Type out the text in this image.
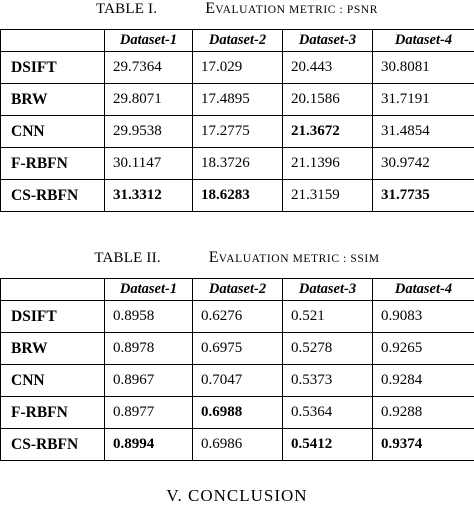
TABLE I.	EVALUATION METRIC : PSNR
	Dataset-1	Dataset-2	Dataset-3	Dataset-4
DSIFT	29.7364	17.029	20.443	30.8081
BRW	29.8071	17.4895	20.1586	31.7191
CNN	29.9538	17.2775	21.3672	31.4854
F-RBFN	30.1147	18.3726	21.1396	30.9742
CS-RBFN	31.3312	18.6283	21.3159	31.7735
TABLE II.	EVALUATION METRIC : SSIM
	Dataset-1	Dataset-2	Dataset-3	Dataset-4
DSIFT	0.8958	0.6276	0.521	0.9083
BRW	0.8978	0.6975	0.5278	0.9265
CNN	0.8967	0.7047	0.5373	0.9284
F-RBFN	0.8977	0.6988	0.5364	0.9288
CS-RBFN	0.8994	0.6986	0.5412	0.9374
V. CONCLUSION
